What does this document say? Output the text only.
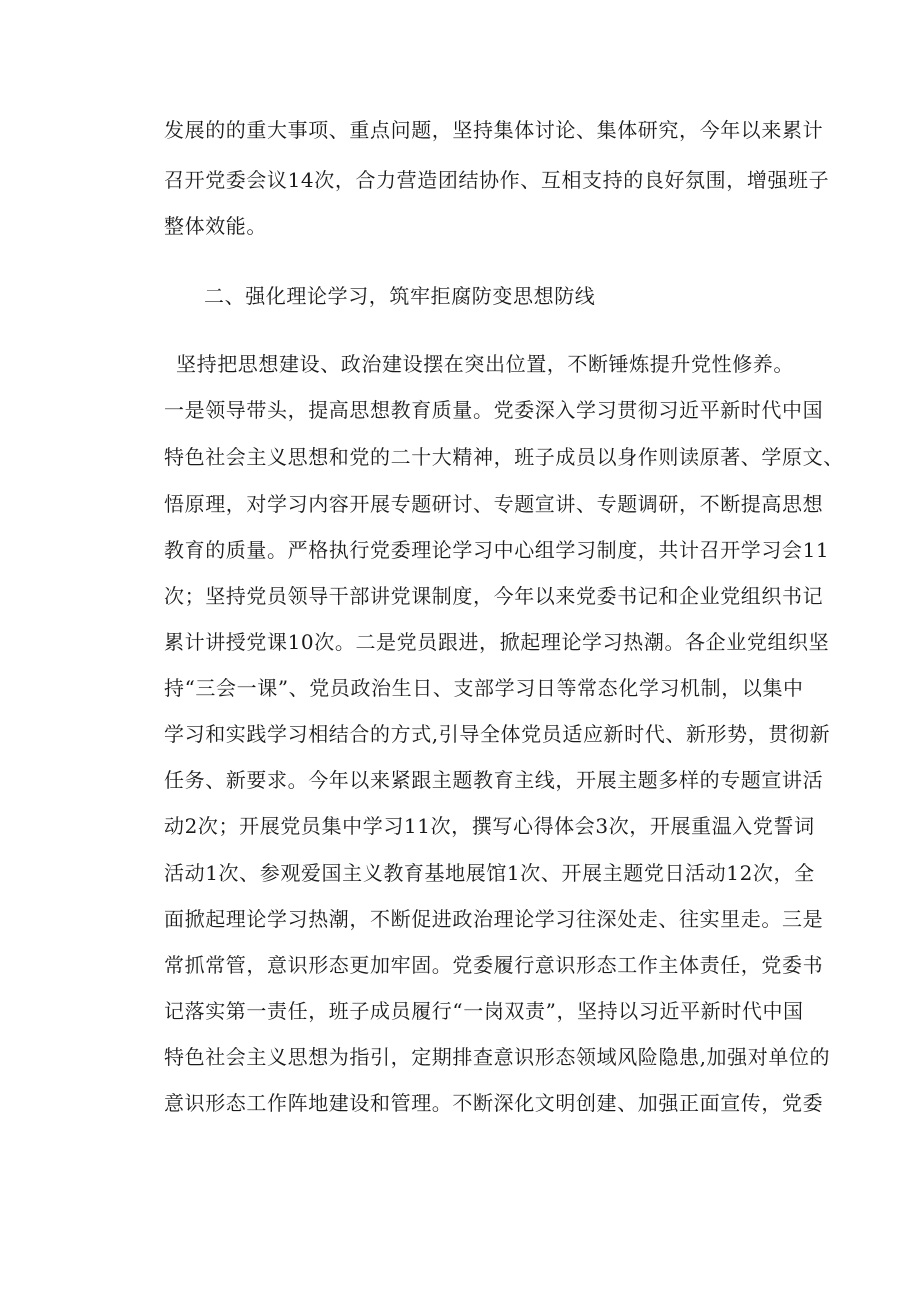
发展的的重大事项、重点问题，坚持集体讨论、集体研究，今年以来累计
召开党委会议14次，合力营造团结协作、互相支持的良好氛围，增强班子
整体效能。
二、强化理论学习，筑牢拒腐防变思想防线
坚持把思想建设、政治建设摆在突出位置，不断锤炼提升党性修养。
一是领导带头，提高思想教育质量。党委深入学习贯彻习近平新时代中国
特色社会主义思想和党的二十大精神，班子成员以身作则读原著、学原文、
悟原理，对学习内容开展专题研讨、专题宣讲、专题调研，不断提高思想
教育的质量。严格执行党委理论学习中心组学习制度，共计召开学习会11
次；坚持党员领导干部讲党课制度，今年以来党委书记和企业党组织书记
累计讲授党课10次。二是党员跟进，掀起理论学习热潮。各企业党组织坚
持“三会一课”、党员政治生日、支部学习日等常态化学习机制，以集中
学习和实践学习相结合的方式,引导全体党员适应新时代、新形势，贯彻新
任务、新要求。今年以来紧跟主题教育主线，开展主题多样的专题宣讲活
动2次；开展党员集中学习11次，撰写心得体会3次，开展重温入党誓词
活动1次、参观爱国主义教育基地展馆1次、开展主题党日活动12次，全
面掀起理论学习热潮，不断促进政治理论学习往深处走、往实里走。三是
常抓常管，意识形态更加牢固。党委履行意识形态工作主体责任，党委书
记落实第一责任，班子成员履行“一岗双责”，坚持以习近平新时代中国
特色社会主义思想为指引，定期排查意识形态领域风险隐患,加强对单位的
意识形态工作阵地建设和管理。不断深化文明创建、加强正面宣传，党委
